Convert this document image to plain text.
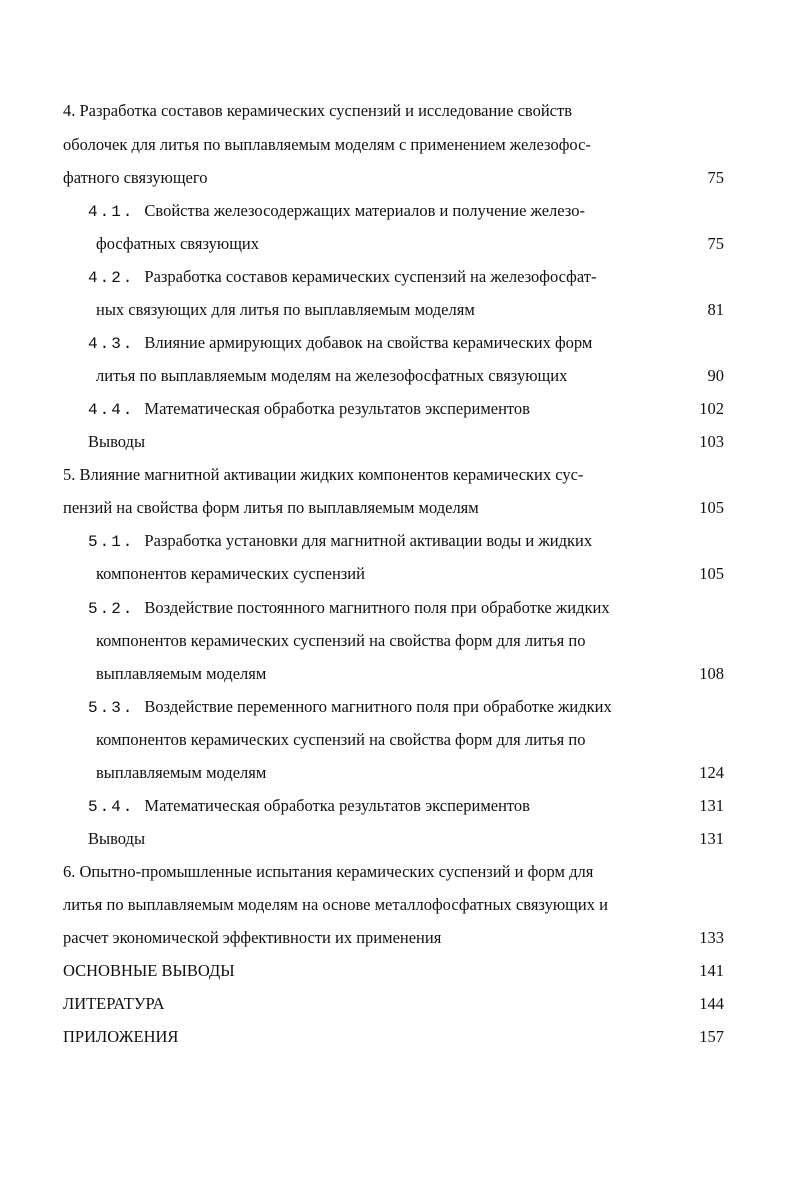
4. Разработка составов керамических суспензий и исследование свойств
оболочек для литья по выплавляемым моделям с применением железофос-
фатного связующего	75
4.1. Свойства железосодержащих материалов и получение железо-
фосфатных связующих	75
4.2. Разработка составов керамических суспензий на железофосфат-
ных связующих для литья по выплавляемым моделям	81
4.3. Влияние армирующих добавок на свойства керамических форм
литья по выплавляемым моделям на железофосфатных связующих	90
4.4. Математическая обработка результатов экспериментов	102
Выводы	103
5. Влияние магнитной активации жидких компонентов керамических сус-
пензий на свойства форм литья по выплавляемым моделям	105
5.1. Разработка установки для магнитной активации воды и жидких
компонентов керамических суспензий	105
5.2. Воздействие постоянного магнитного поля при обработке жидких
компонентов керамических суспензий на свойства форм для литья по
выплавляемым моделям	108
5.3. Воздействие переменного магнитного поля при обработке жидких
компонентов керамических суспензий на свойства форм для литья по
выплавляемым моделям	124
5.4. Математическая обработка результатов экспериментов	131
Выводы	131
6. Опытно-промышленные испытания керамических суспензий и форм для
литья по выплавляемым моделям на основе металлофосфатных связующих и
расчет экономической эффективности их применения	133
ОСНОВНЫЕ ВЫВОДЫ	141
ЛИТЕРАТУРА	144
ПРИЛОЖЕНИЯ	157
